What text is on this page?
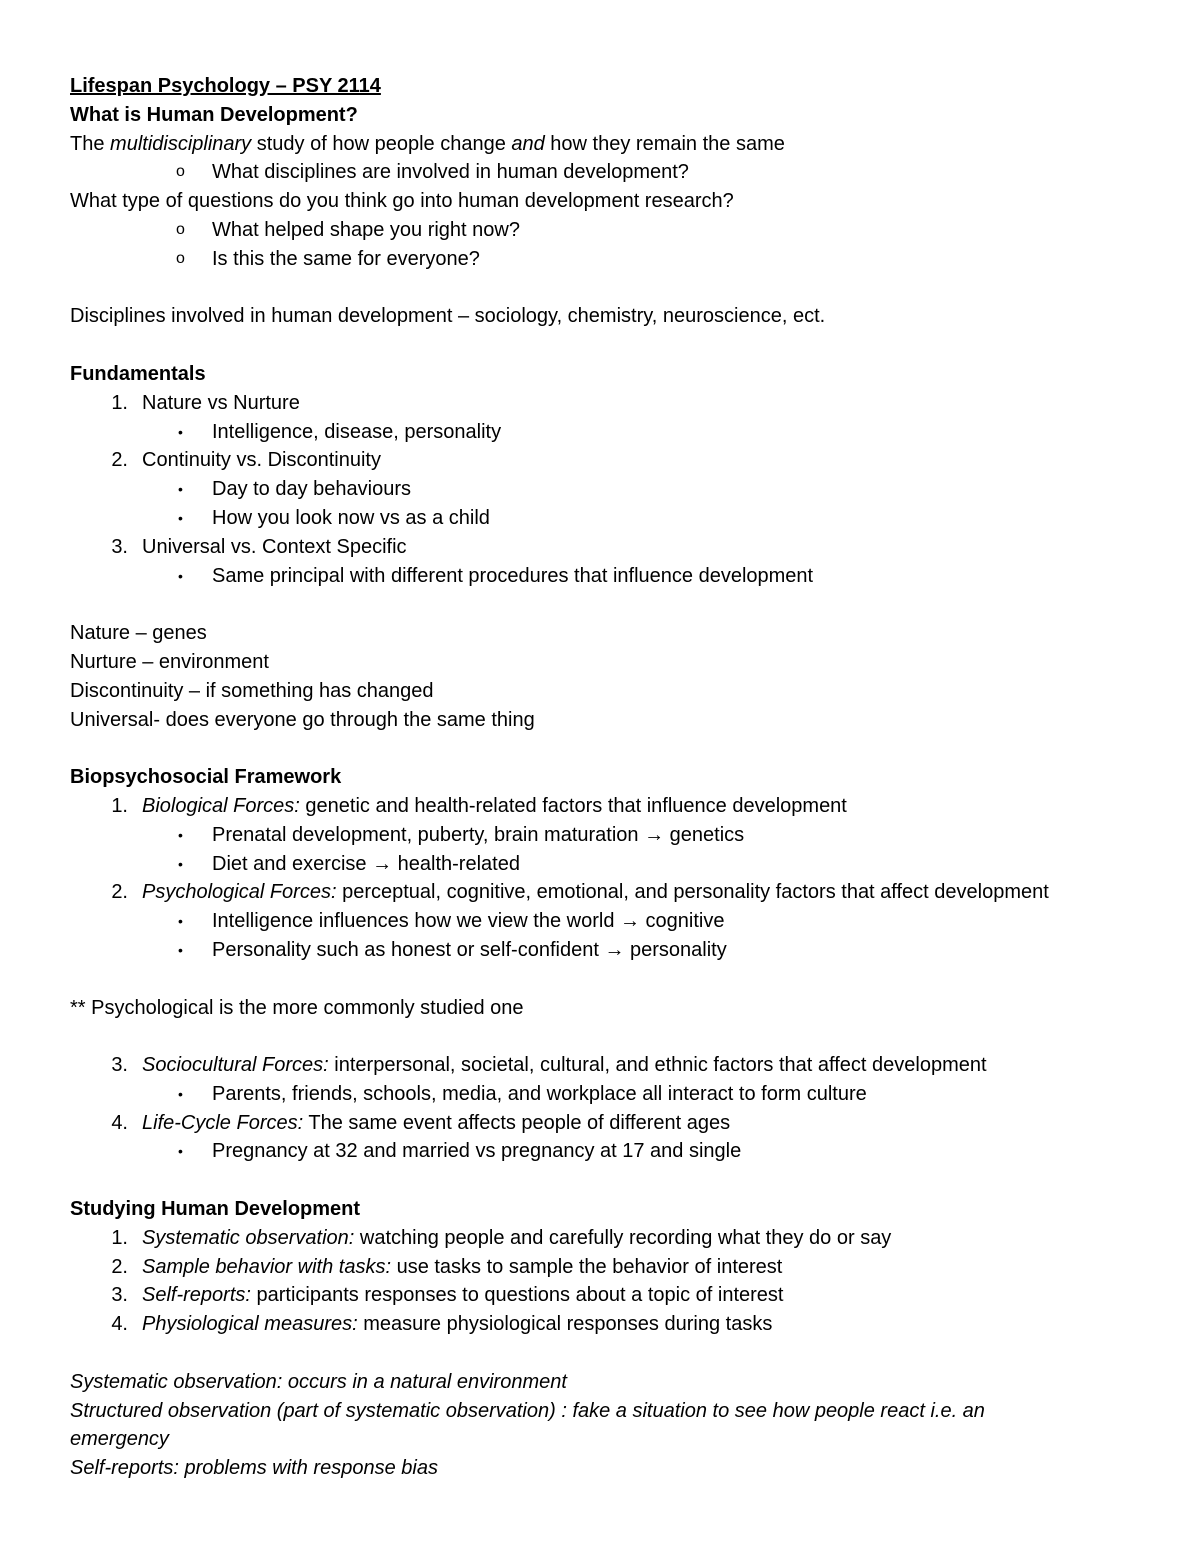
Lifespan Psychology – PSY 2114
What is Human Development?
The multidisciplinary study of how people change and how they remain the same
o What disciplines are involved in human development?
What type of questions do you think go into human development research?
o What helped shape you right now?
o Is this the same for everyone?
Disciplines involved in human development – sociology, chemistry, neuroscience, ect.
Fundamentals
1. Nature vs Nurture
• Intelligence, disease, personality
2. Continuity vs. Discontinuity
• Day to day behaviours
• How you look now vs as a child
3. Universal vs. Context Specific
• Same principal with different procedures that influence development
Nature – genes
Nurture – environment
Discontinuity – if something has changed
Universal- does everyone go through the same thing
Biopsychosocial Framework
1. Biological Forces: genetic and health-related factors that influence development
• Prenatal development, puberty, brain maturation → genetics
• Diet and exercise → health-related
2. Psychological Forces: perceptual, cognitive, emotional, and personality factors that affect development
• Intelligence influences how we view the world → cognitive
• Personality such as honest or self-confident → personality
** Psychological is the more commonly studied one
3. Sociocultural Forces: interpersonal, societal, cultural, and ethnic factors that affect development
• Parents, friends, schools, media, and workplace all interact to form culture
4. Life-Cycle Forces: The same event affects people of different ages
• Pregnancy at 32 and married vs pregnancy at 17 and single
Studying Human Development
1. Systematic observation: watching people and carefully recording what they do or say
2. Sample behavior with tasks: use tasks to sample the behavior of interest
3. Self-reports: participants responses to questions about a topic of interest
4. Physiological measures: measure physiological responses during tasks
Systematic observation: occurs in a natural environment
Structured observation (part of systematic observation) : fake a situation to see how people react i.e. an
emergency
Self-reports: problems with response bias
